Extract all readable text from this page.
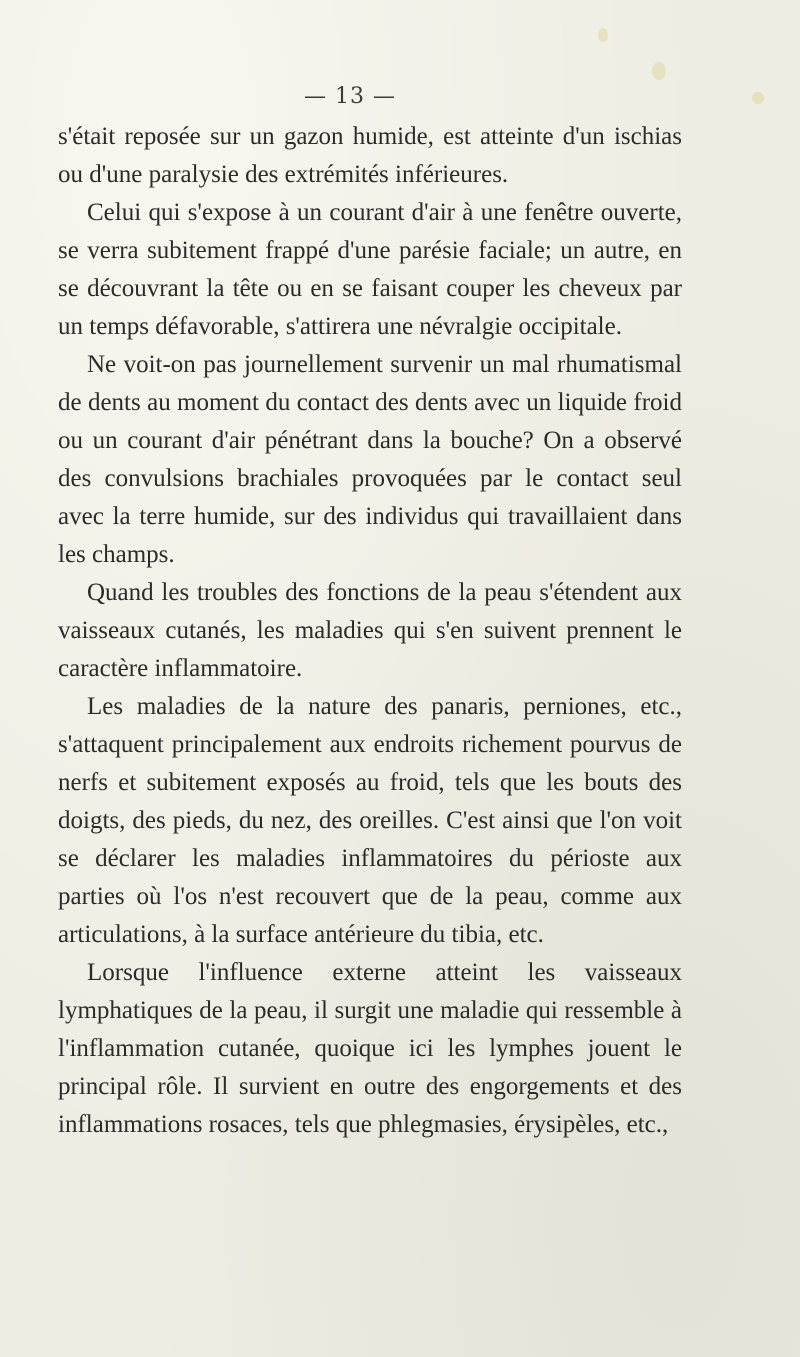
— 13 —

s'était reposée sur un gazon humide, est atteinte d'un ischias ou d'une paralysie des extrémités inférieures.

Celui qui s'expose à un courant d'air à une fenêtre ouverte, se verra subitement frappé d'une parésie faciale; un autre, en se découvrant la tête ou en se faisant couper les cheveux par un temps défavorable, s'attirera une névralgie occipitale.

Ne voit-on pas journellement survenir un mal rhumatismal de dents au moment du contact des dents avec un liquide froid ou un courant d'air pénétrant dans la bouche? On a observé des convulsions brachiales provoquées par le contact seul avec la terre humide, sur des individus qui travaillaient dans les champs.

Quand les troubles des fonctions de la peau s'étendent aux vaisseaux cutanés, les maladies qui s'en suivent prennent le caractère inflammatoire.

Les maladies de la nature des panaris, perniones, etc., s'attaquent principalement aux endroits richement pourvus de nerfs et subitement exposés au froid, tels que les bouts des doigts, des pieds, du nez, des oreilles. C'est ainsi que l'on voit se déclarer les maladies inflammatoires du périoste aux parties où l'os n'est recouvert que de la peau, comme aux articulations, à la surface antérieure du tibia, etc.

Lorsque l'influence externe atteint les vaisseaux lymphatiques de la peau, il surgit une maladie qui ressemble à l'inflammation cutanée, quoique ici les lymphes jouent le principal rôle. Il survient en outre des engorgements et des inflammations rosaces, tels que phlegmasies, érysipèles, etc.,
